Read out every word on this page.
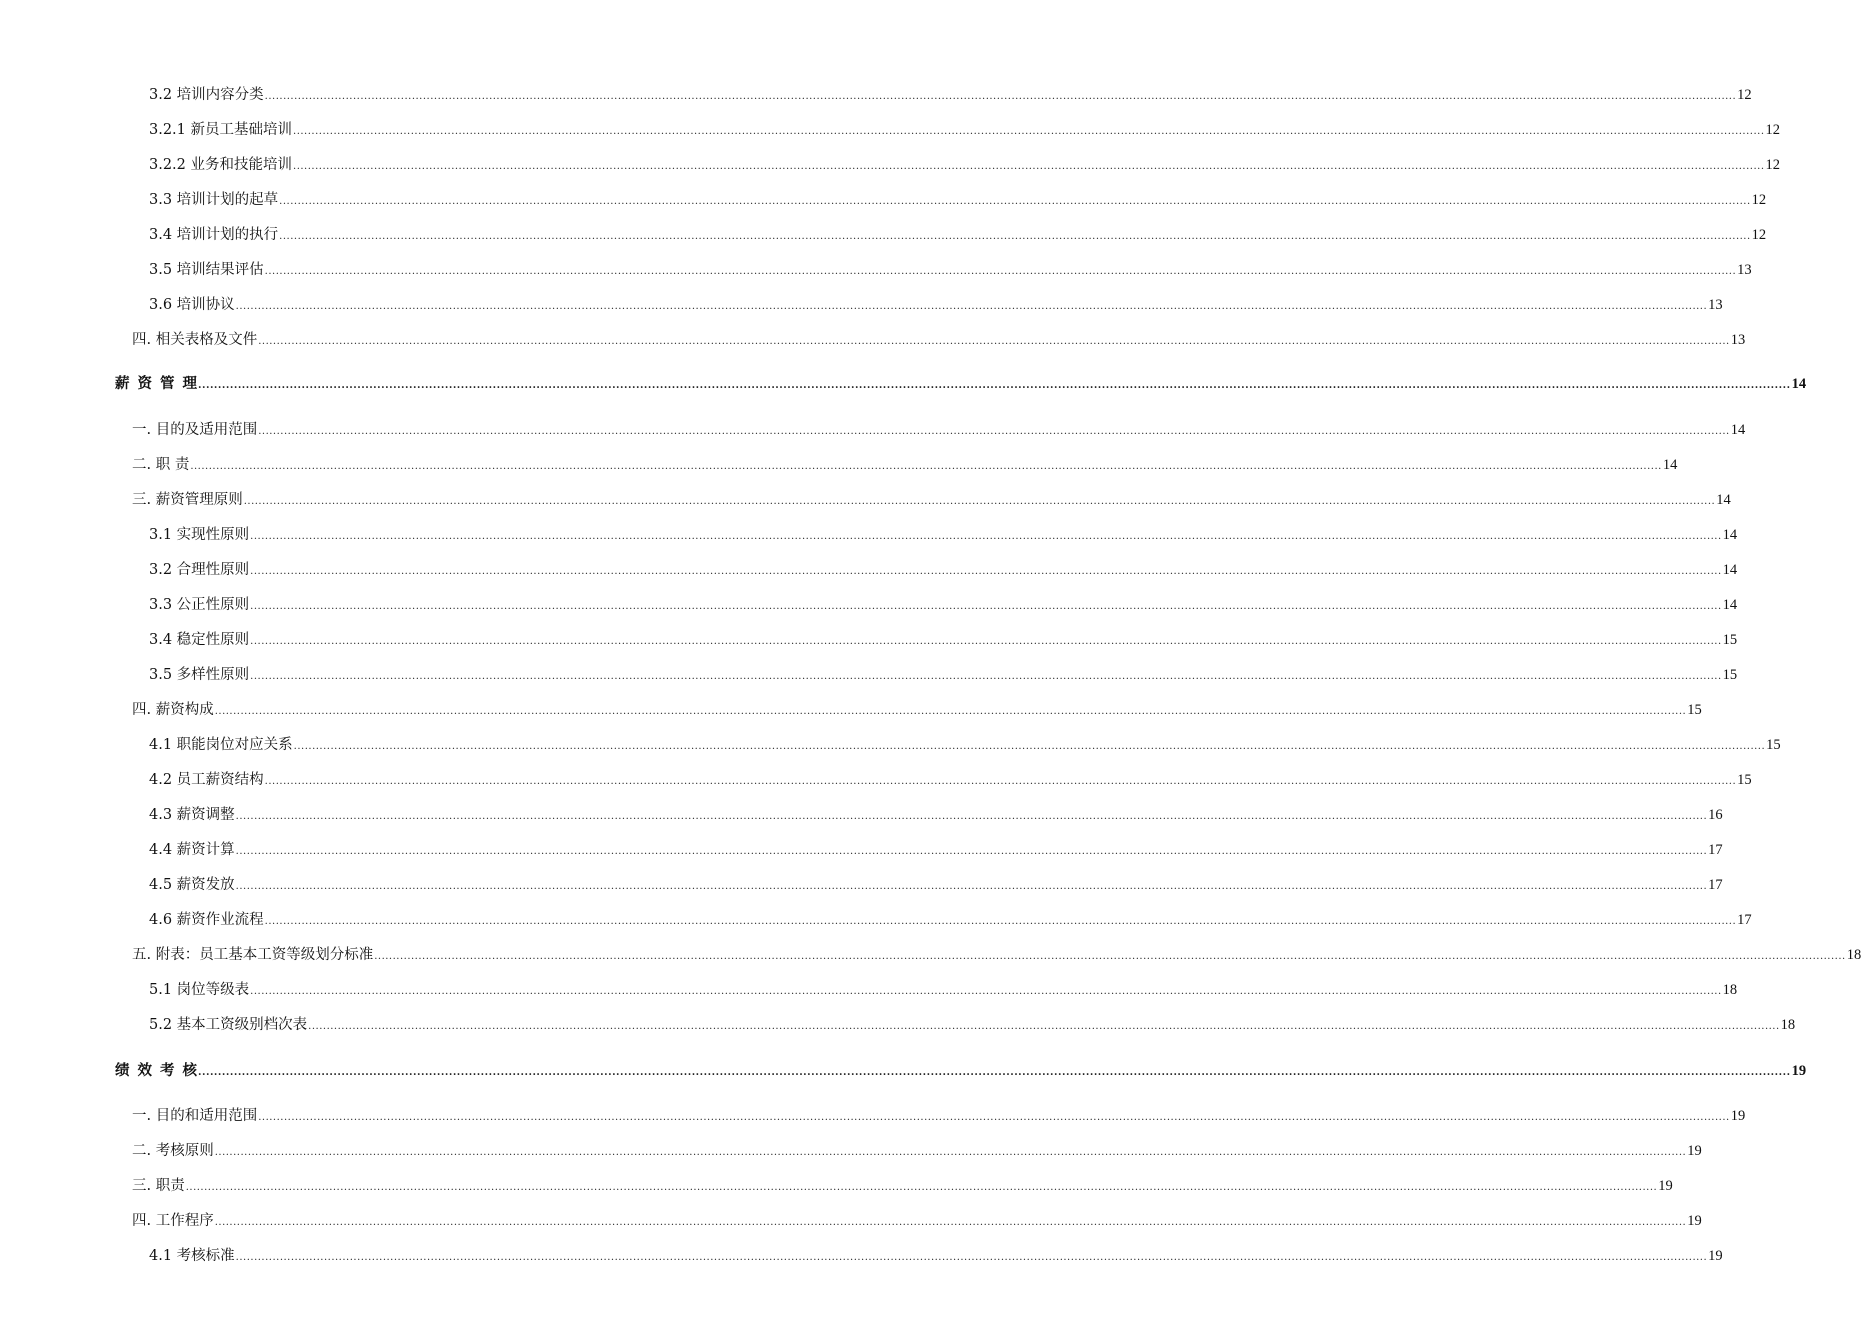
3.2 培训内容分类 ................................................................................................................................................................................................................................................................................................................................................................................................................ 12
3.2.1 新员工基础培训 ................................................................................................................................................................................................................................................................................................................................................................................................................ 12
3.2.2 业务和技能培训 ................................................................................................................................................................................................................................................................................................................................................................................................................ 12
3.3 培训计划的起草 ................................................................................................................................................................................................................................................................................................................................................................................................................ 12
3.4 培训计划的执行 ................................................................................................................................................................................................................................................................................................................................................................................................................ 12
3.5 培训结果评估 ................................................................................................................................................................................................................................................................................................................................................................................................................ 13
3.6 培训协议 ................................................................................................................................................................................................................................................................................................................................................................................................................ 13
四. 相关表格及文件 ................................................................................................................................................................................................................................................................................................................................................................................................................ 13
薪资管理
................................................................................................................................................................................................................................................................................................................................................................................................................ 14
一. 目的及适用范围 ................................................................................................................................................................................................................................................................................................................................................................................................................ 14
二. 职 责 ................................................................................................................................................................................................................................................................................................................................................................................................................ 14
三. 薪资管理原则 ................................................................................................................................................................................................................................................................................................................................................................................................................ 14
3.1 实现性原则 ................................................................................................................................................................................................................................................................................................................................................................................................................ 14
3.2 合理性原则 ................................................................................................................................................................................................................................................................................................................................................................................................................ 14
3.3 公正性原则 ................................................................................................................................................................................................................................................................................................................................................................................................................ 14
3.4 稳定性原则 ................................................................................................................................................................................................................................................................................................................................................................................................................ 15
3.5 多样性原则 ................................................................................................................................................................................................................................................................................................................................................................................................................ 15
四. 薪资构成 ................................................................................................................................................................................................................................................................................................................................................................................................................ 15
4.1 职能岗位对应关系 ................................................................................................................................................................................................................................................................................................................................................................................................................ 15
4.2 员工薪资结构 ................................................................................................................................................................................................................................................................................................................................................................................................................ 15
4.3 薪资调整 ................................................................................................................................................................................................................................................................................................................................................................................................................ 16
4.4 薪资计算 ................................................................................................................................................................................................................................................................................................................................................................................................................ 17
4.5 薪资发放 ................................................................................................................................................................................................................................................................................................................................................................................................................ 17
4.6 薪资作业流程 ................................................................................................................................................................................................................................................................................................................................................................................................................ 17
五. 附表：员工基本工资等级划分标准 ................................................................................................................................................................................................................................................................................................................................................................................................................ 18
5.1 岗位等级表 ................................................................................................................................................................................................................................................................................................................................................................................................................ 18
5.2 基本工资级别档次表 ................................................................................................................................................................................................................................................................................................................................................................................................................ 18
绩效考核
................................................................................................................................................................................................................................................................................................................................................................................................................ 19
一. 目的和适用范围 ................................................................................................................................................................................................................................................................................................................................................................................................................ 19
二. 考核原则 ................................................................................................................................................................................................................................................................................................................................................................................................................ 19
三. 职责 ................................................................................................................................................................................................................................................................................................................................................................................................................ 19
四. 工作程序 ................................................................................................................................................................................................................................................................................................................................................................................................................ 19
4.1 考核标准 ................................................................................................................................................................................................................................................................................................................................................................................................................ 19
